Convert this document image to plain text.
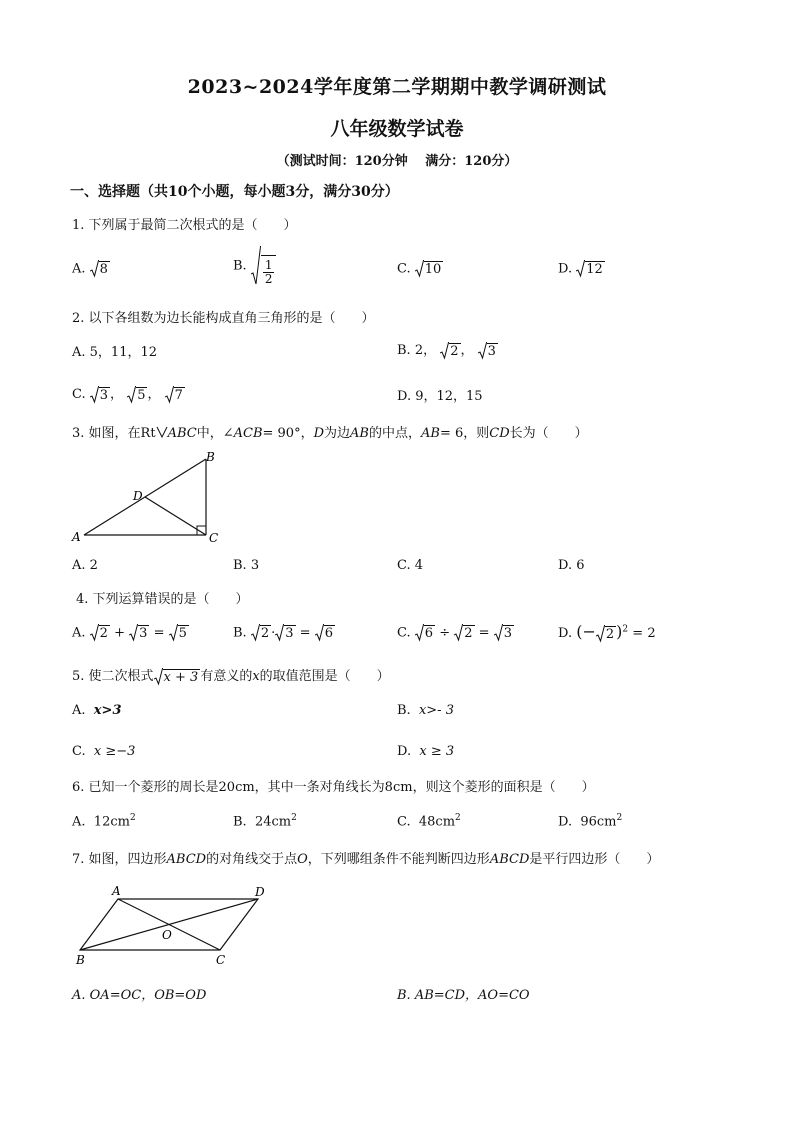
2023~2024学年度第二学期期中教学调研测试
八年级数学试卷
（测试时间：120分钟　 满分：120分）
一、选择题（共10个小题，每小题3分，满分30分）
1. 下列属于最简二次根式的是（　　）
A. 8	B. $\frac{1}{2}$	C. 10	D. 12
2. 以下各组数为边长能构成直角三角形的是（　　）
A. 5，11，12	B. 2， 2 ， 3
C. 3 ， 5 ， 7	D. 9，12，15
3. 如图，在Rt ABC中，∠ACB= 90°，D为边AB的中点，AB= 6，则CD长为（　　）
A
B
C
D
A. 2	B. 3	C. 4	D. 6
4. 下列运算错误的是（　　）
A. 2 + 3 = 5	B. 2 · 3 = 6	C. 6 ÷ 2 = 3	D. (− 2 )$^2$ = 2
5. 使二次根式 x + 3 有意义的x的取值范围是（　　）
A. x>3	B. x>- 3
C. x ≥−3	D. x ≥ 3
6. 已知一个菱形的周长是20cm，其中一条对角线长为8cm，则这个菱形的面积是（　　）
A. $12cm^2$	B. $24cm^2$	C. $48cm^2$	D. $96cm^2$
7. 如图，四边形ABCD的对角线交于点O，下列哪组条件不能判断四边形ABCD是平行四边形（　　）
A	D
B	C
O
A. OA=OC，OB=OD	B. AB=CD，AO=CO
